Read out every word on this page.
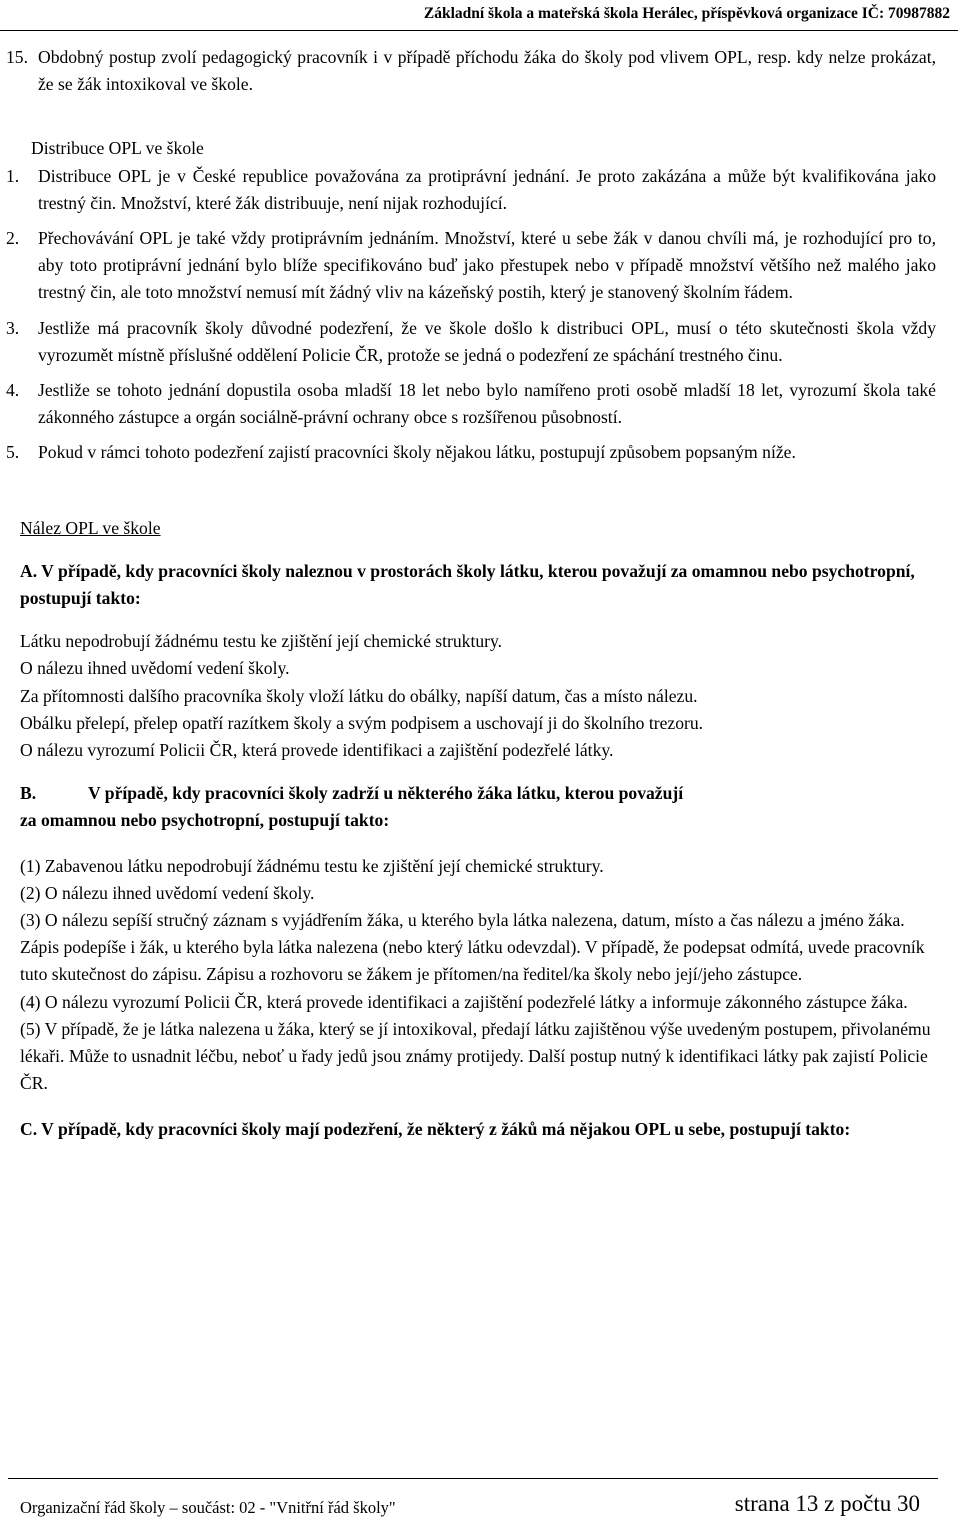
Základní škola a mateřská škola Herálec, příspěvková organizace IČ: 70987882
15. Obdobný postup zvolí pedagogický pracovník i v případě příchodu žáka do školy pod vlivem OPL, resp. kdy nelze prokázat, že se žák intoxikoval ve škole.
Distribuce OPL ve škole
1. Distribuce OPL je v České republice považována za protiprávní jednání. Je proto zakázána a může být kvalifikována jako trestný čin. Množství, které žák distribuuje, není nijak rozhodující.
2. Přechovávání OPL je také vždy protiprávním jednáním. Množství, které u sebe žák v danou chvíli má, je rozhodující pro to, aby toto protiprávní jednání bylo blíže specifikováno buď jako přestupek nebo v případě množství většího než malého jako trestný čin, ale toto množství nemusí mít žádný vliv na kázeňský postih, který je stanovený školním řádem.
3. Jestliže má pracovník školy důvodné podezření, že ve škole došlo k distribuci OPL, musí o této skutečnosti škola vždy vyrozumět místně příslušné oddělení Policie ČR, protože se jedná o podezření ze spáchání trestného činu.
4. Jestliže se tohoto jednání dopustila osoba mladší 18 let nebo bylo namířeno proti osobě mladší 18 let, vyrozumí škola také zákonného zástupce a orgán sociálně-právní ochrany obce s rozšířenou působností.
5. Pokud v rámci tohoto podezření zajistí pracovníci školy nějakou látku, postupují způsobem popsaným níže.
Nález OPL ve škole
A. V případě, kdy pracovníci školy naleznou v prostorách školy látku, kterou považují za omamnou nebo psychotropní, postupují takto:
Látku nepodrobují žádnému testu ke zjištění její chemické struktury.
O nálezu ihned uvědomí vedení školy.
Za přítomnosti dalšího pracovníka školy vloží látku do obálky, napíší datum, čas a místo nálezu.
Obálku přelepí, přelep opatří razítkem školy a svým podpisem a uschovají ji do školního trezoru.
O nálezu vyrozumí Policii ČR, která provede identifikaci a zajištění podezřelé látky.
B.	V případě, kdy pracovníci školy zadrží u některého žáka látku, kterou považují
za omamnou nebo psychotropní, postupují takto:
(1) Zabavenou látku nepodrobují žádnému testu ke zjištění její chemické struktury.
(2) O nálezu ihned uvědomí vedení školy.
(3) O nálezu sepíší stručný záznam s vyjádřením žáka, u kterého byla látka nalezena, datum, místo a čas nálezu a jméno žáka. Zápis podepíše i žák, u kterého byla látka nalezena (nebo který látku odevzdal). V případě, že podepsat odmítá, uvede pracovník tuto skutečnost do zápisu. Zápisu a rozhovoru se žákem je přítomen/na ředitel/ka školy nebo její/jeho zástupce.
(4) O nálezu vyrozumí Policii ČR, která provede identifikaci a zajištění podezřelé látky a informuje zákonného zástupce žáka.
(5) V případě, že je látka nalezena u žáka, který se jí intoxikoval, předají látku zajištěnou výše uvedeným postupem, přivolanému lékaři. Může to usnadnit léčbu, neboť u řady jedů jsou známy protijedy. Další postup nutný k identifikaci látky pak zajistí Policie ČR.
C. V případě, kdy pracovníci školy mají podezření, že některý z žáků má nějakou OPL u sebe, postupují takto:
Organizační řád školy – součást: 02 - "Vnitřní řád školy"	strana 13 z počtu 30
